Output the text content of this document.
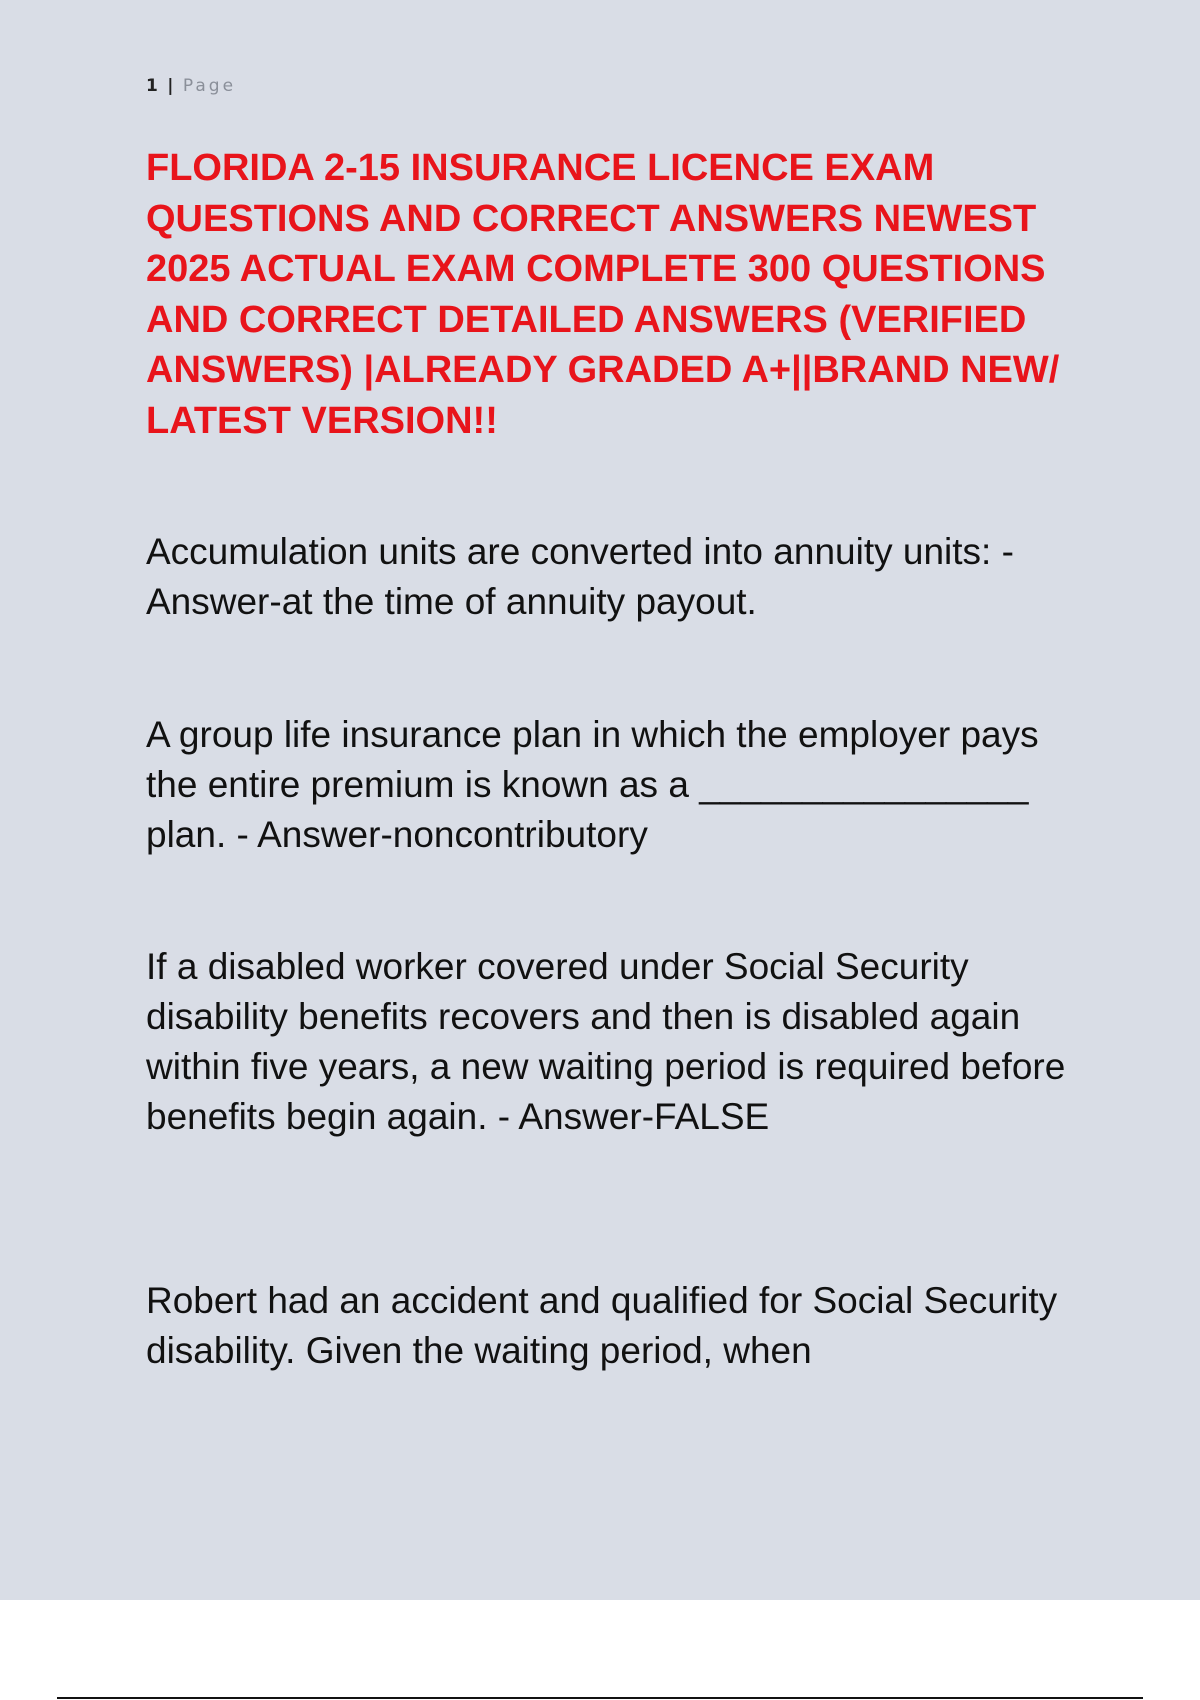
1 | Page
FLORIDA 2-15 INSURANCE LICENCE EXAM QUESTIONS AND CORRECT ANSWERS NEWEST 2025 ACTUAL EXAM COMPLETE 300 QUESTIONS AND CORRECT DETAILED ANSWERS (VERIFIED ANSWERS) |ALREADY GRADED A+||BRAND NEW/ LATEST VERSION!!

Accumulation units are converted into annuity units: - Answer-at the time of annuity payout.

A group life insurance plan in which the employer pays the entire premium is known as a ________________ plan. - Answer-noncontributory

If a disabled worker covered under Social Security disability benefits recovers and then is disabled again within five years, a new waiting period is required before benefits begin again. - Answer-FALSE

Robert had an accident and qualified for Social Security disability. Given the waiting period, when
